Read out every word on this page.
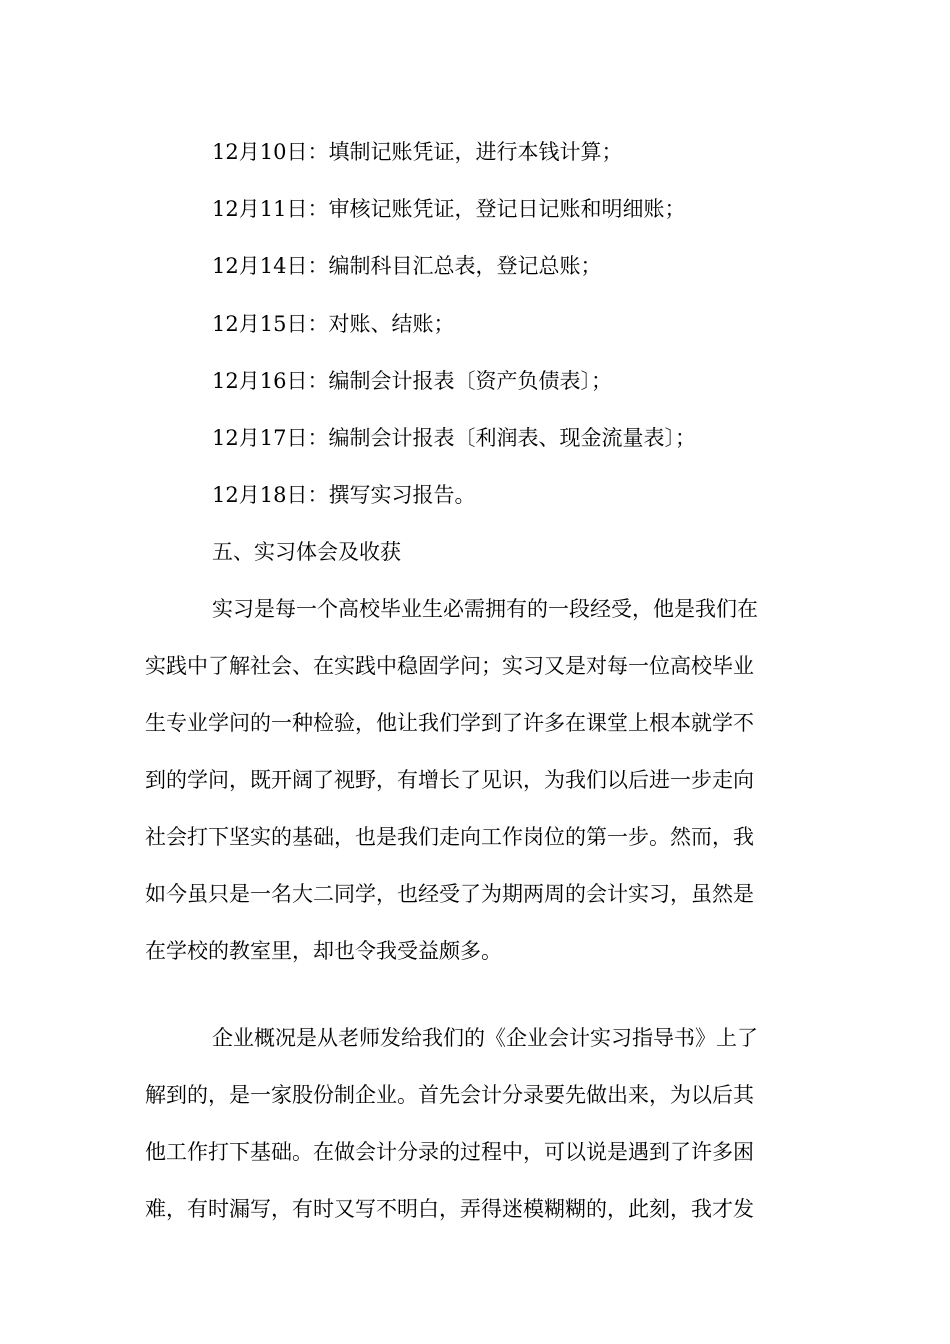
12月10日：填制记账凭证，进行本钱计算；
12月11日：审核记账凭证，登记日记账和明细账；
12月14日：编制科目汇总表，登记总账；
12月15日：对账、结账；
12月16日：编制会计报表〔资产负债表〕；
12月17日：编制会计报表〔利润表、现金流量表〕；
12月18日：撰写实习报告。
五、实习体会及收获
实习是每一个高校毕业生必需拥有的一段经受，他是我们在
实践中了解社会、在实践中稳固学问；实习又是对每一位高校毕业
生专业学问的一种检验，他让我们学到了许多在课堂上根本就学不
到的学问，既开阔了视野，有增长了见识，为我们以后进一步走向
社会打下坚实的基础，也是我们走向工作岗位的第一步。然而，我
如今虽只是一名大二同学，也经受了为期两周的会计实习，虽然是
在学校的教室里，却也令我受益颇多。
企业概况是从老师发给我们的《企业会计实习指导书》上了
解到的，是一家股份制企业。首先会计分录要先做出来，为以后其
他工作打下基础。在做会计分录的过程中，可以说是遇到了许多困
难，有时漏写，有时又写不明白，弄得迷模糊糊的，此刻，我才发
